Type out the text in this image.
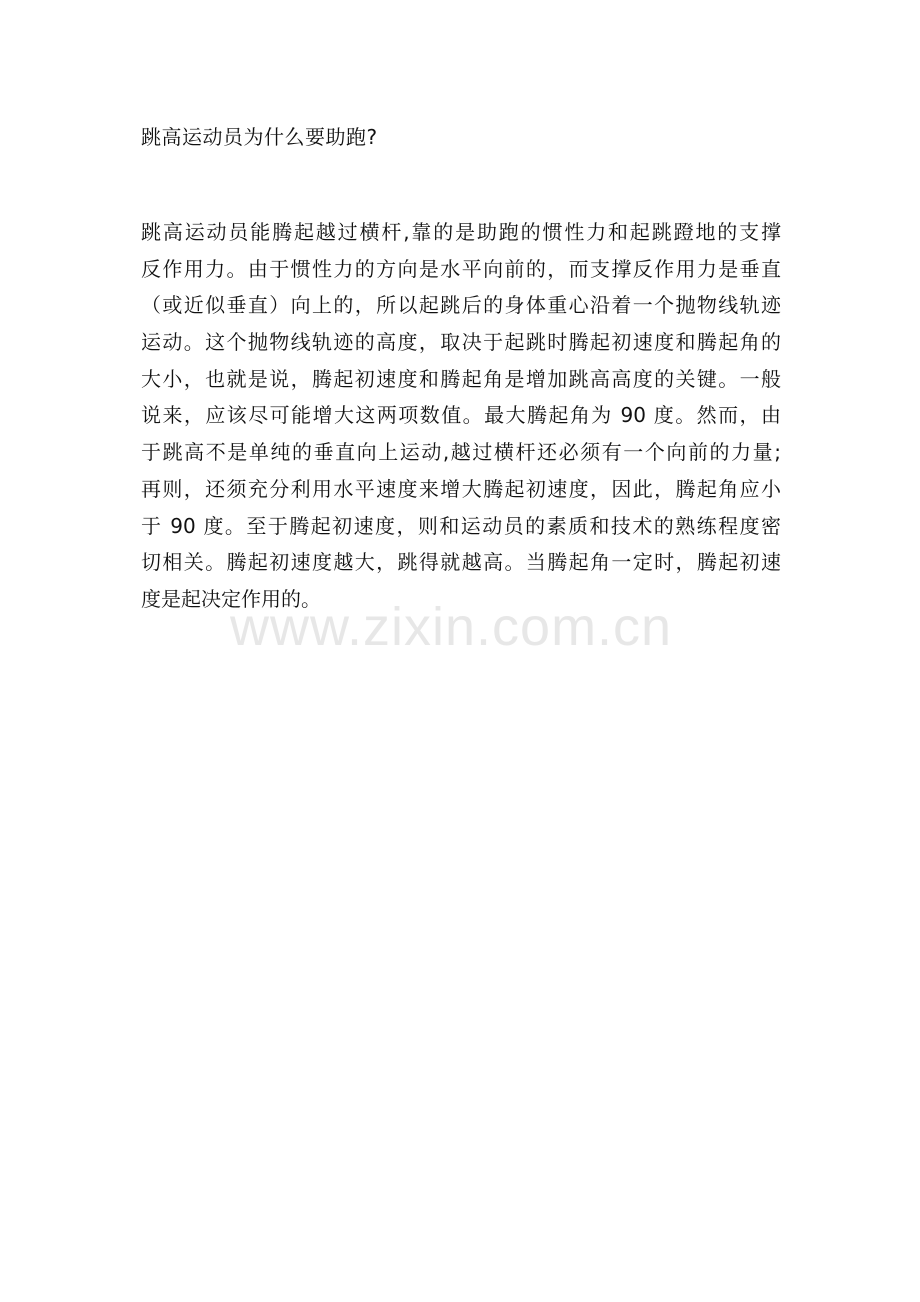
跳高运动员为什么要助跑?
跳高运动员能腾起越过横杆,靠的是助跑的惯性力和起跳蹬地的支撑
反作用力。由于惯性力的方向是水平向前的，而支撑反作用力是垂直
（或近似垂直）向上的，所以起跳后的身体重心沿着一个抛物线轨迹
运动。这个抛物线轨迹的高度，取决于起跳时腾起初速度和腾起角的
大小，也就是说，腾起初速度和腾起角是增加跳高高度的关键。一般
说来，应该尽可能增大这两项数值。最大腾起角为 90 度。然而，由
于跳高不是单纯的垂直向上运动,越过横杆还必须有一个向前的力量;
再则，还须充分利用水平速度来增大腾起初速度，因此，腾起角应小
于 90 度。至于腾起初速度，则和运动员的素质和技术的熟练程度密
切相关。腾起初速度越大，跳得就越高。当腾起角一定时，腾起初速
度是起决定作用的。
www.zixin.com.cn
